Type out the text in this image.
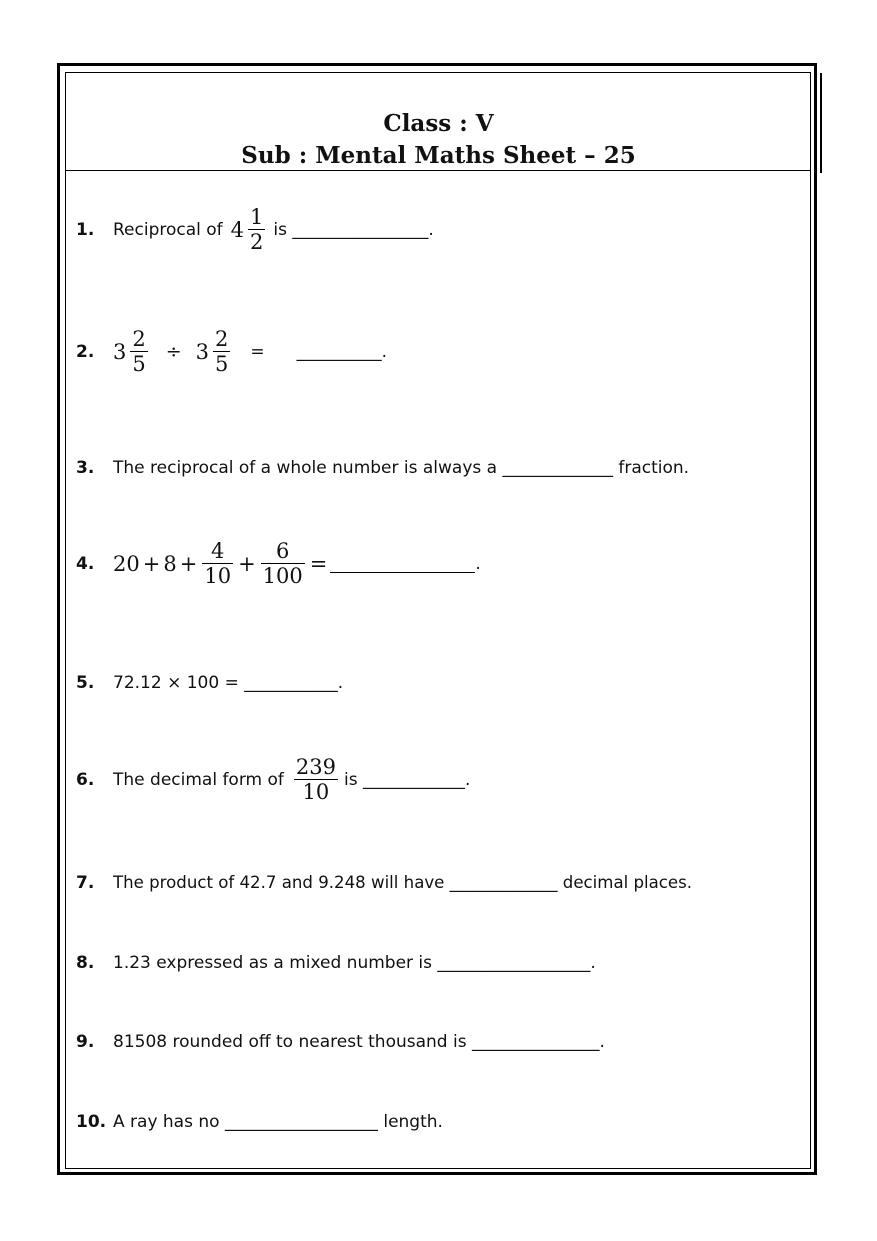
Class : V
Sub : Mental Maths Sheet – 25
1.	Reciprocal of $4 \frac{1}{2}$ is ________________.
2. $3 \frac{2}{5} \div 3 \frac{2}{5}$ = __________.
3.	The reciprocal of a whole number is always a _____________ fraction.
4. $20 + 8 + \frac{4}{10} + \frac{6}{100}$ =	.
5.	72.12 × 100 = ___________.
6.	The decimal form of $\frac{239}{10}$ is ____________.
7.	The product of 42.7 and 9.248 will have _____________ decimal places.
8.	1.23 expressed as a mixed number is __________________.
9.	81508 rounded off to nearest thousand is _______________.
10. A ray has no __________________ length.
